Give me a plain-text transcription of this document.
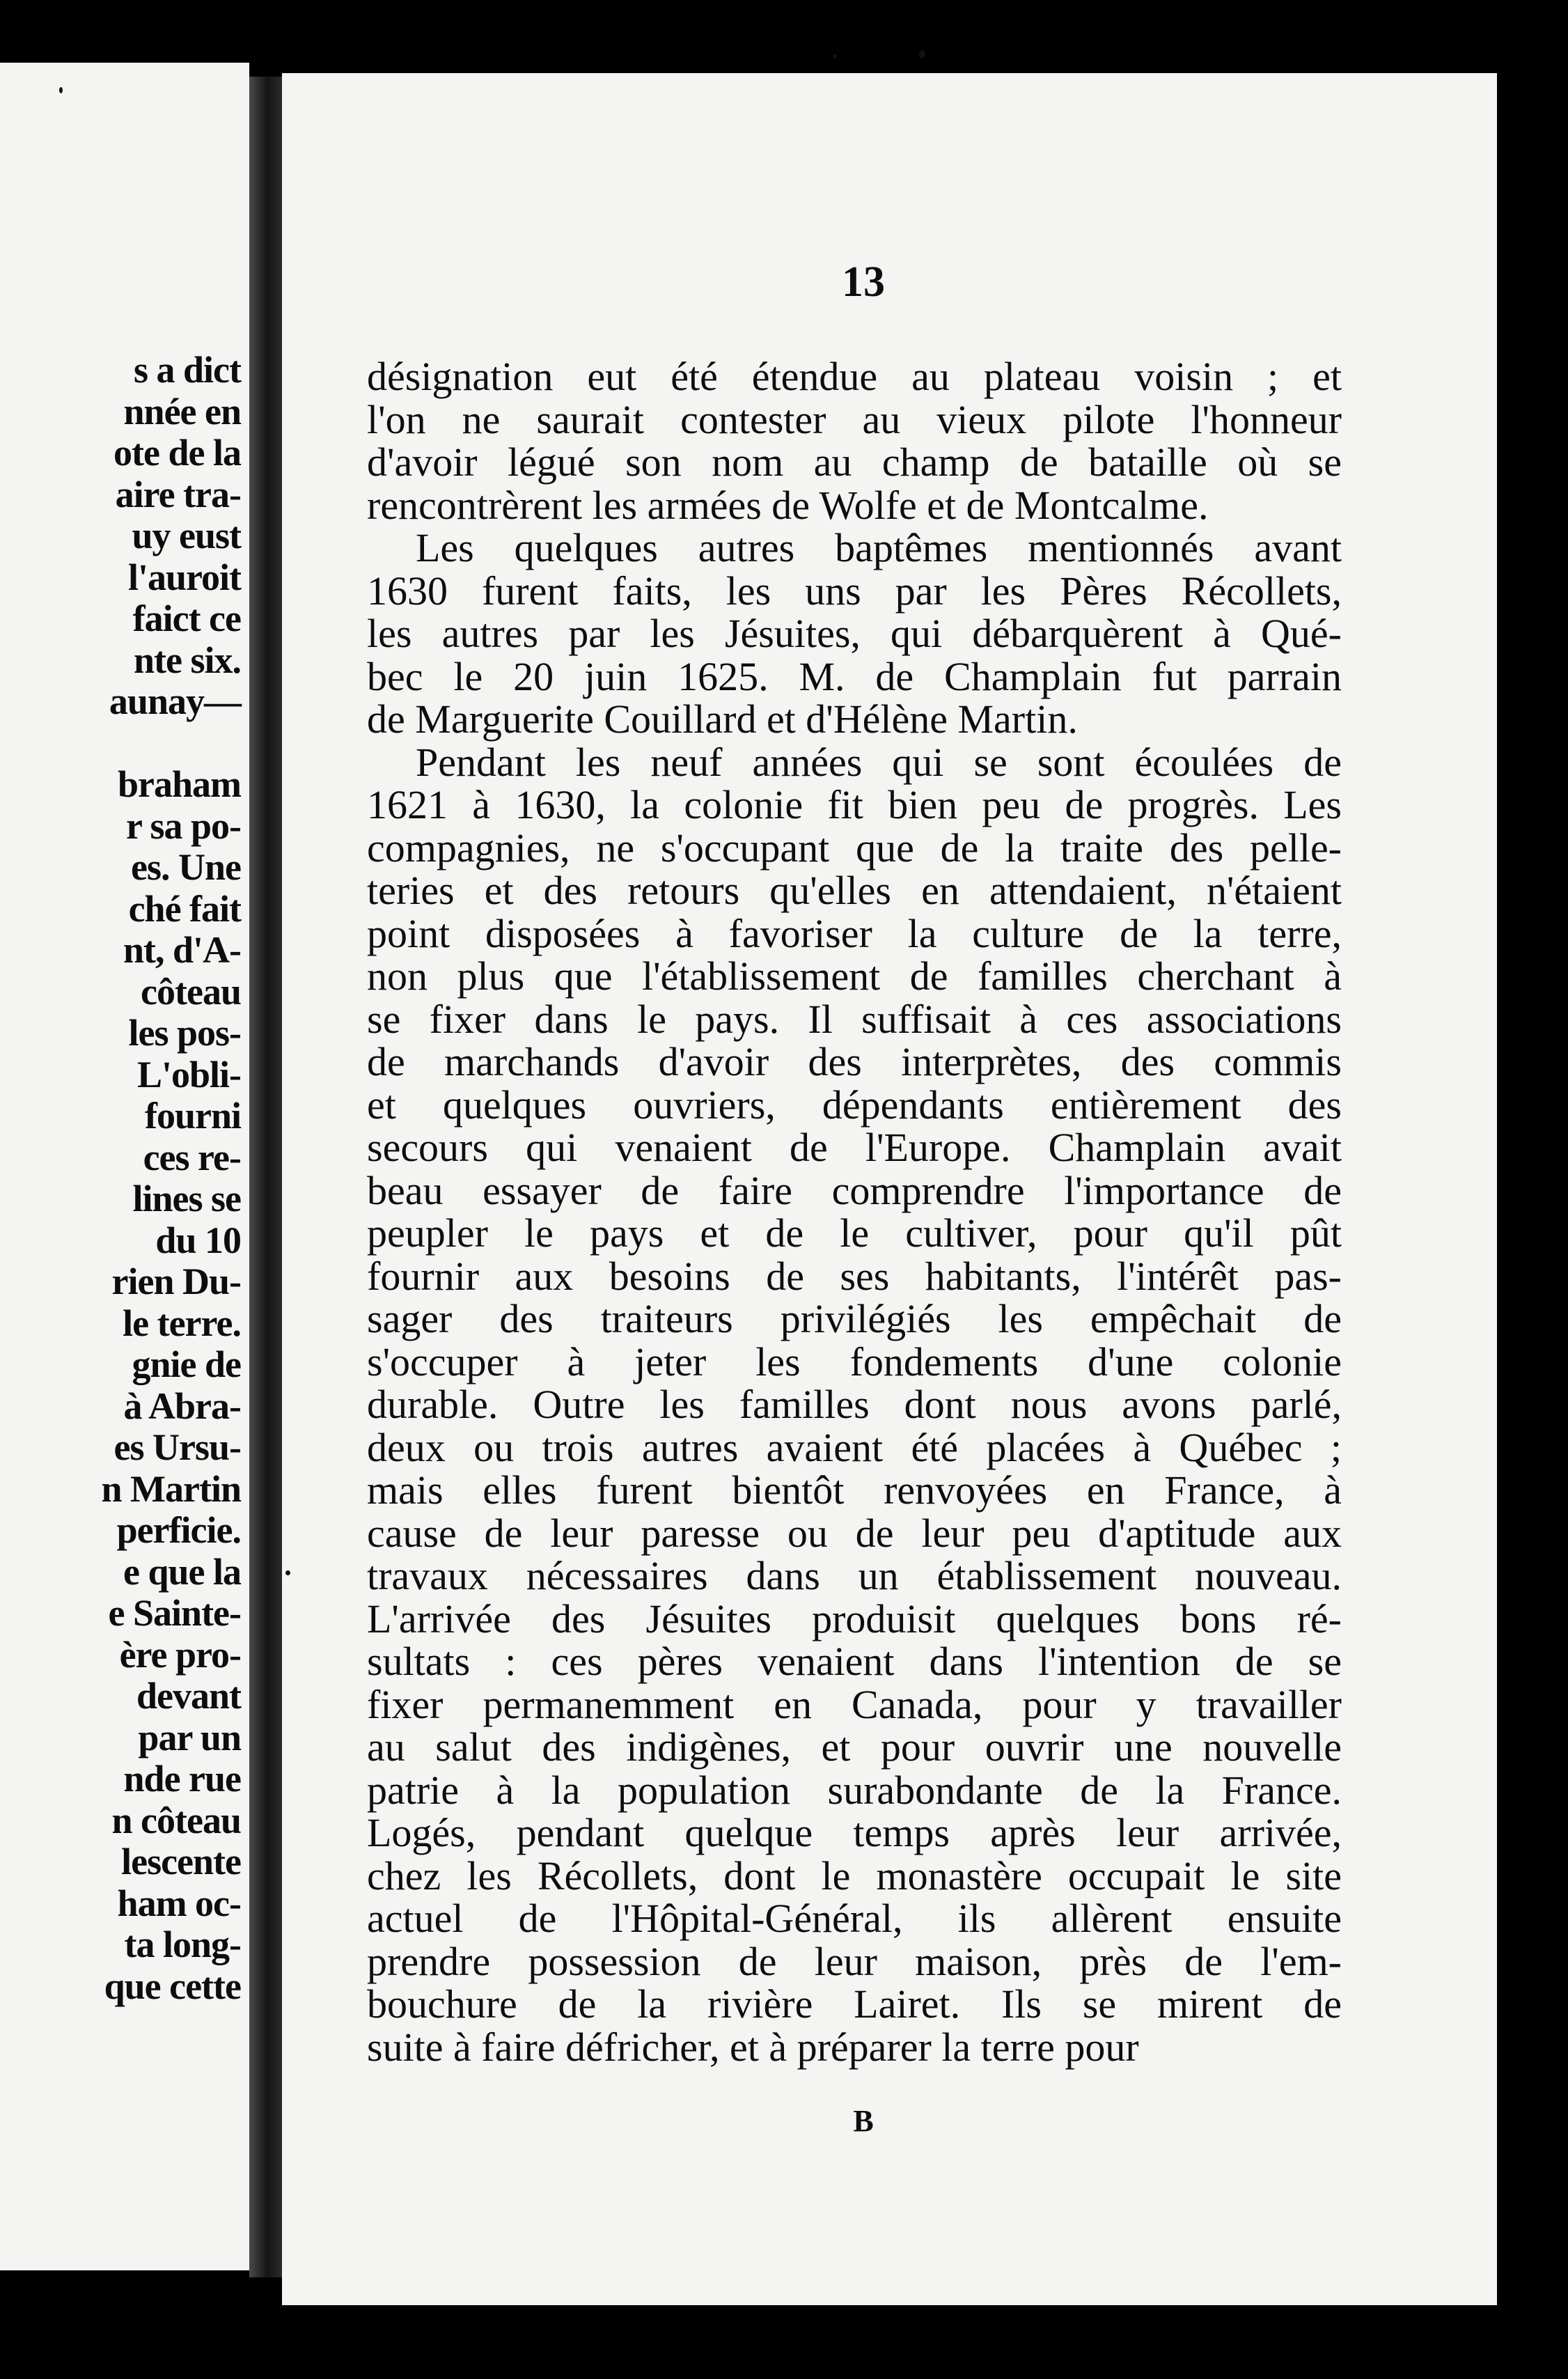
s a dict
nnée en
ote de la
aire tra-
uy eust
l'auroit
faict ce
nte six.
aunay—
braham
r sa po-
es. Une
ché fait
nt, d'A-
côteau
les pos-
L'obli-
fourni
ces re-
lines se
du 10
rien Du-
le terre.
gnie de
à Abra-
es Ursu-
n Martin
perficie.
e que la
e Sainte-
ère pro-
devant
par un
nde rue
n côteau
lescente
ham oc-
ta long-
que cette
13
désignation eut été étendue au plateau voisin ; et
l'on ne saurait contester au vieux pilote l'honneur
d'avoir légué son nom au champ de bataille où se
rencontrèrent les armées de Wolfe et de Montcalme.
Les quelques autres baptêmes mentionnés avant
1630 furent faits, les uns par les Pères Récollets,
les autres par les Jésuites, qui débarquèrent à Qué-
bec le 20 juin 1625. M. de Champlain fut parrain
de Marguerite Couillard et d'Hélène Martin.
Pendant les neuf années qui se sont écoulées de
1621 à 1630, la colonie fit bien peu de progrès. Les
compagnies, ne s'occupant que de la traite des pelle-
teries et des retours qu'elles en attendaient, n'étaient
point disposées à favoriser la culture de la terre,
non plus que l'établissement de familles cherchant à
se fixer dans le pays. Il suffisait à ces associations
de marchands d'avoir des interprètes, des commis
et quelques ouvriers, dépendants entièrement des
secours qui venaient de l'Europe. Champlain avait
beau essayer de faire comprendre l'importance de
peupler le pays et de le cultiver, pour qu'il pût
fournir aux besoins de ses habitants, l'intérêt pas-
sager des traiteurs privilégiés les empêchait de
s'occuper à jeter les fondements d'une colonie
durable. Outre les familles dont nous avons parlé,
deux ou trois autres avaient été placées à Québec ;
mais elles furent bientôt renvoyées en France, à
cause de leur paresse ou de leur peu d'aptitude aux
travaux nécessaires dans un établissement nouveau.
L'arrivée des Jésuites produisit quelques bons ré-
sultats : ces pères venaient dans l'intention de se
fixer permanemment en Canada, pour y travailler
au salut des indigènes, et pour ouvrir une nouvelle
patrie à la population surabondante de la France.
Logés, pendant quelque temps après leur arrivée,
chez les Récollets, dont le monastère occupait le site
actuel de l'Hôpital-Général, ils allèrent ensuite
prendre possession de leur maison, près de l'em-
bouchure de la rivière Lairet. Ils se mirent de
suite à faire défricher, et à préparer la terre pour
B
